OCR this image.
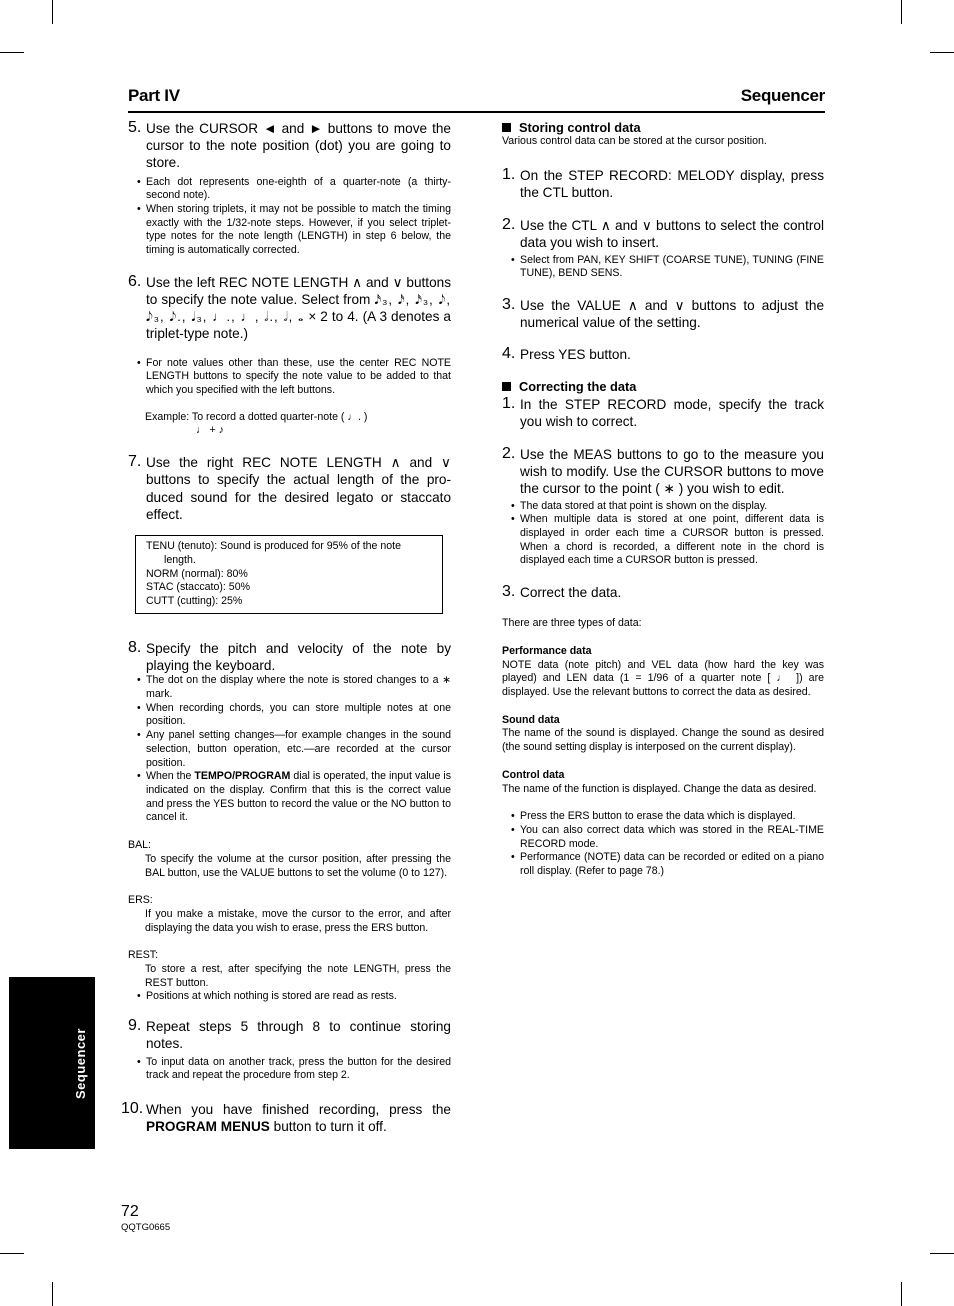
Part IV	Sequencer
Sequencer

5. Use the CURSOR ◄ and ► buttons to move the cursor to the note position (dot) you are going to store.

• Each dot represents one-eighth of a quarter-note (a thirty-second note).

• When storing triplets, it may not be possible to match the timing exactly with the 1/32-note steps. However, if you select triplet-type notes for the note length (LENGTH) in step 6 below, the timing is automatically corrected.

6. Use the left REC NOTE LENGTH ∧ and ∨ buttons to specify the note value. Select from 𝅘𝅥𝅯₃, 𝅘𝅥𝅯, 𝅘𝅥𝅯₃, 𝅘𝅥𝅮, 𝅘𝅥𝅮₃, 𝅘𝅥𝅮., 𝅘𝅥₃, ♩., ♩, 𝅗𝅥., 𝅗𝅥, 𝅝 × 2 to 4. (A 3 denotes a triplet-type note.)

• For note values other than these, use the center REC NOTE LENGTH buttons to specify the note value to be added to that which you specified with the left buttons.

Example: To record a dotted quarter-note ( ♩. )

♩ + ♪

7. Use the right REC NOTE LENGTH ∧ and ∨ buttons to specify the actual length of the pro-duced sound for the desired legato or staccato effect.

TENU (tenuto): Sound is produced for 95% of the note length.
NORM (normal): 80%
STAC (staccato): 50%
CUTT (cutting): 25%

8. Specify the pitch and velocity of the note by playing the keyboard.

• The dot on the display where the note is stored changes to a ∗ mark.

• When recording chords, you can store multiple notes at one position.

• Any panel setting changes—for example changes in the sound selection, button operation, etc.—are recorded at the cursor position.

• When the TEMPO/PROGRAM dial is operated, the input value is indicated on the display. Confirm that this is the correct value and press the YES button to record the value or the NO button to cancel it.

BAL:

To specify the volume at the cursor position, after pressing the BAL button, use the VALUE buttons to set the volume (0 to 127).

ERS:

If you make a mistake, move the cursor to the error, and after displaying the data you wish to erase, press the ERS button.

REST:

To store a rest, after specifying the note LENGTH, press the REST button.

• Positions at which nothing is stored are read as rests.

9. Repeat steps 5 through 8 to continue storing notes.

• To input data on another track, press the button for the desired track and repeat the procedure from step 2.

10. When you have finished recording, press the PROGRAM MENUS button to turn it off.

Storing control data

Various control data can be stored at the cursor position.

1. On the STEP RECORD: MELODY display, press the CTL button.

2. Use the CTL ∧ and ∨ buttons to select the control data you wish to insert.

• Select from PAN, KEY SHIFT (COARSE TUNE), TUNING (FINE TUNE), BEND SENS.

3. Use the VALUE ∧ and ∨ buttons to adjust the numerical value of the setting.

4. Press YES button.

Correcting the data

1. In the STEP RECORD mode, specify the track you wish to correct.

2. Use the MEAS buttons to go to the measure you wish to modify. Use the CURSOR buttons to move the cursor to the point ( ∗ ) you wish to edit.

• The data stored at that point is shown on the display.

• When multiple data is stored at one point, different data is displayed in order each time a CURSOR button is pressed. When a chord is recorded, a different note in the chord is displayed each time a CURSOR button is pressed.

3. Correct the data.

There are three types of data:

Performance data

NOTE data (note pitch) and VEL data (how hard the key was played) and LEN data (1 = 1/96 of a quarter note [ ♩ ]) are displayed. Use the relevant buttons to correct the data as desired.

Sound data

The name of the sound is displayed. Change the sound as desired (the sound setting display is interposed on the current display).

Control data

The name of the function is displayed. Change the data as desired.

• Press the ERS button to erase the data which is displayed.

• You can also correct data which was stored in the REAL-TIME RECORD mode.

• Performance (NOTE) data can be recorded or edited on a piano roll display. (Refer to page 78.)

72
QQTG0665
